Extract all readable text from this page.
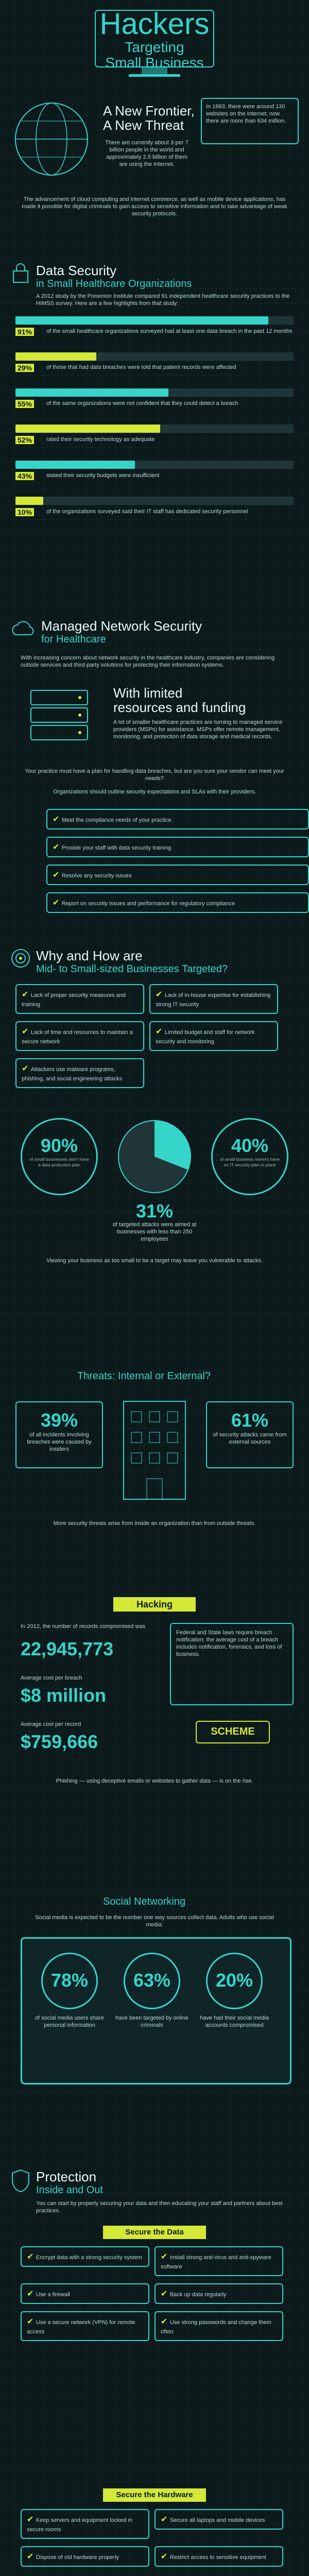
Hackers
Targeting
Small Business
A New Frontier,
A New Threat
There are currently about 3-per 7 billion people in the world and approximately 2.5 billion of them are using the Internet.
In 1993, there were around 130 websites on the Internet; now there are more than 634 million.
The advancement of cloud computing and internet commerce, as well as mobile device applications, has made it possible for digital criminals to gain access to sensitive information and to take advantage of weak security protocols.
Data Security
in Small Healthcare Organizations
A 2012 study by the Ponemon Institute compared 91 independent healthcare security practices to the HIMSS survey. Here are a few highlights from that study:
91%	of the small healthcare organizations surveyed had at least one data breach in the past 12 months
29%	of those that had data breaches were told that patient records were affected
55%	of the same organizations were not confident that they could detect a breach
52%	rated their security technology as adequate
43%	stated their security budgets were insufficient
10%	of the organizations surveyed said their IT staff has dedicated security personnel
Managed Network Security
for Healthcare
With increasing concern about network security in the healthcare industry, companies are considering outside services and third-party solutions for protecting their information systems.
With limited
resources and funding
A lot of smaller healthcare practices are turning to managed service providers (MSPs) for assistance. MSPs offer remote management, monitoring, and protection of data storage and medical records.
Your practice must have a plan for handling data breaches, but are you sure your vendor can meet your needs?
Organizations should outline security expectations and SLAs with their providers.
✔ Meet the compliance needs of your practice✔ Provide your staff with data security training✔ Resolve any security issues✔ Report on security issues and performance for regulatory compliance
Why and How are
Mid- to Small-sized Businesses Targeted?
✔ Lack of proper security measures and training✔ Lack of in-house expertise for establishing strong IT security✔ Lack of time and resources to maintain a secure network✔ Limited budget and staff for network security and monitoring✔ Attackers use malware programs, phishing, and social engineering attacks
90%
of small businesses don't have a data protection plan
40%
of small business owners have no IT security plan in place
31%
of targeted attacks were aimed at businesses with less than 250 employees
Viewing your business as too small to be a target may leave you vulnerable to attacks.
Threats: Internal or External?
39%
of all incidents involving breaches were caused by insiders
61%
of security attacks came from external sources
More security threats arise from inside an organization than from outside threats.
Hacking
In 2012, the number of records compromised was
22,945,773
Average cost per breach
$8 million
Average cost per record
$759,666
Federal and State laws require breach notification; the average cost of a breach includes notification, forensics, and loss of business.
SCHEME
Phishing — using deceptive emails or websites to gather data — is on the rise.
Social Networking
Social media is expected to be the number one way sources collect data. Adults who use social media:
78%
of social media users share personal information
63%
have been targeted by online criminals
20%
have had their social media accounts compromised
Protection
Inside and Out
You can start by properly securing your data and then educating your staff and partners about best practices.
Secure the Data
✔ Encrypt data with a strong security system ✔ Install strong anti-virus and anti-spyware software✔ Use a firewall	✔ Back up data regularly✔ Use a secure network (VPN) for remote access✔ Use strong passwords and change them often
Secure the Hardware
✔ Keep servers and equipment locked in secure rooms✔ Secure all laptops and mobile devices✔ Dispose of old hardware properly	✔ Restrict access to sensitive equipment
